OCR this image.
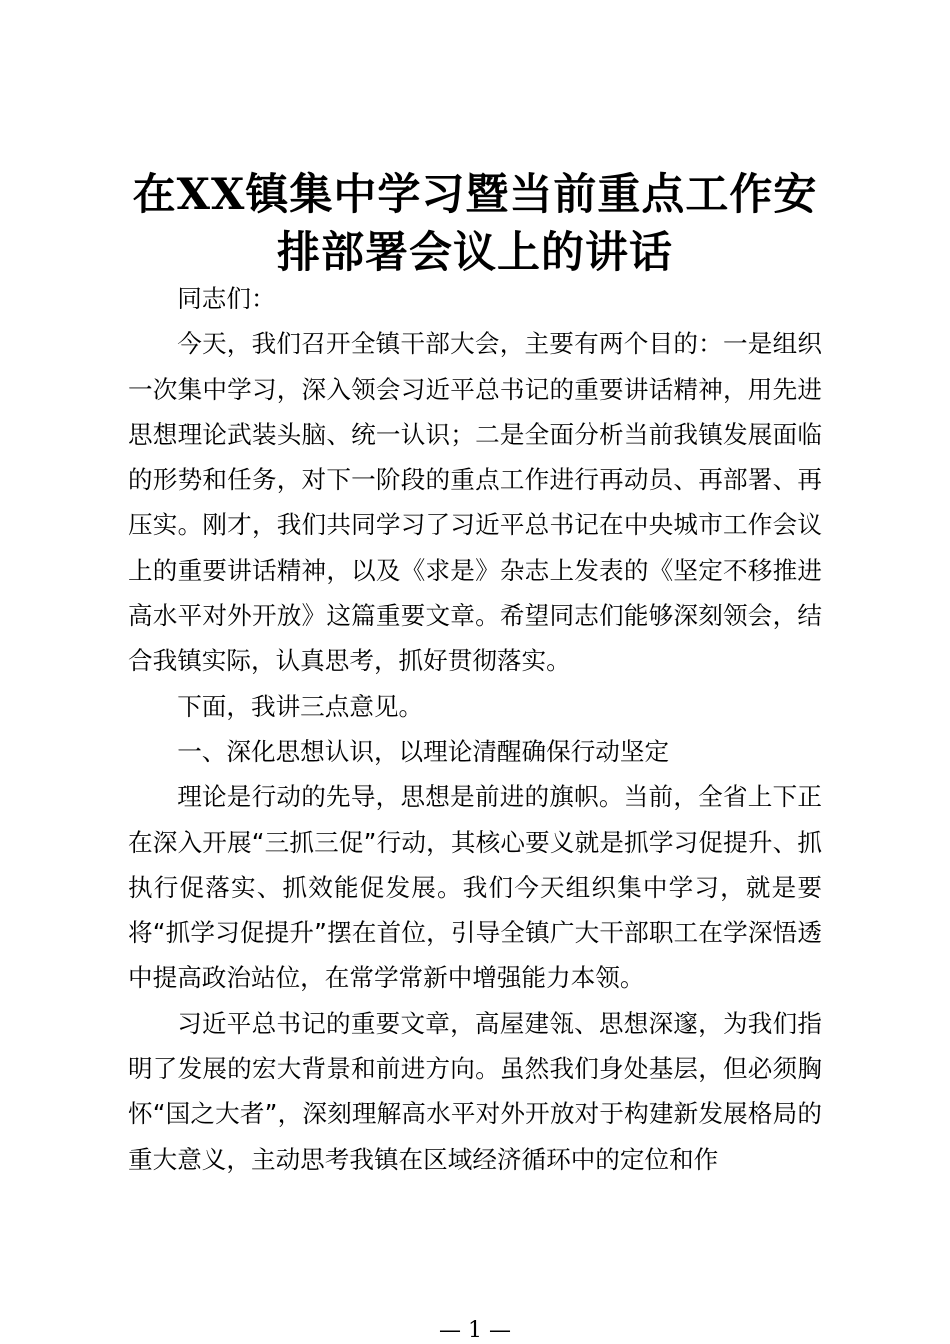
在XX镇集中学习暨当前重点工作安排部署会议上的讲话

同志们：

今天，我们召开全镇干部大会，主要有两个目的：一是组织一次集中学习，深入领会习近平总书记的重要讲话精神，用先进思想理论武装头脑、统一认识；二是全面分析当前我镇发展面临的形势和任务，对下一阶段的重点工作进行再动员、再部署、再压实。刚才，我们共同学习了习近平总书记在中央城市工作会议上的重要讲话精神，以及《求是》杂志上发表的《坚定不移推进高水平对外开放》这篇重要文章。希望同志们能够深刻领会，结合我镇实际，认真思考，抓好贯彻落实。

下面，我讲三点意见。

一、深化思想认识，以理论清醒确保行动坚定

理论是行动的先导，思想是前进的旗帜。当前，全省上下正在深入开展“三抓三促”行动，其核心要义就是抓学习促提升、抓执行促落实、抓效能促发展。我们今天组织集中学习，就是要将“抓学习促提升”摆在首位，引导全镇广大干部职工在学深悟透中提高政治站位，在常学常新中增强能力本领。

习近平总书记的重要文章，高屋建瓴、思想深邃，为我们指明了发展的宏大背景和前进方向。虽然我们身处基层，但必须胸怀“国之大者”，深刻理解高水平对外开放对于构建新发展格局的重大意义，主动思考我镇在区域经济循环中的定位和作

— 1 —
